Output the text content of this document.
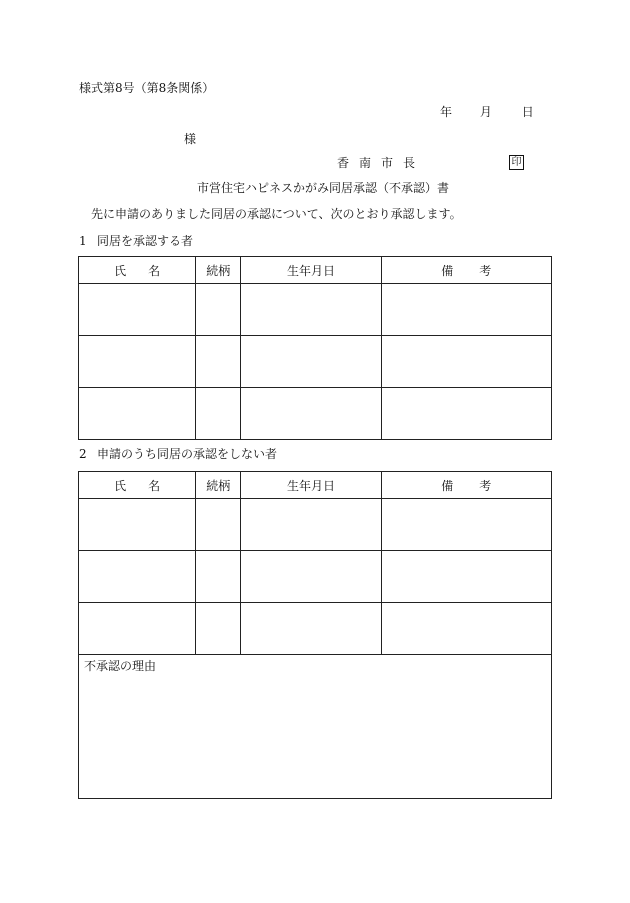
様式第8号（第8条関係）
年 月 日
様
香南市長	印
市営住宅ハピネスかがみ同居承認（不承認）書
先に申請のありました同居の承認について、次のとおり承認します。
1 同居を承認する者
氏名	続柄	生年月日	備考

2 申請のうち同居の承認をしない者
氏名	続柄	生年月日	備考

不承認の理由
